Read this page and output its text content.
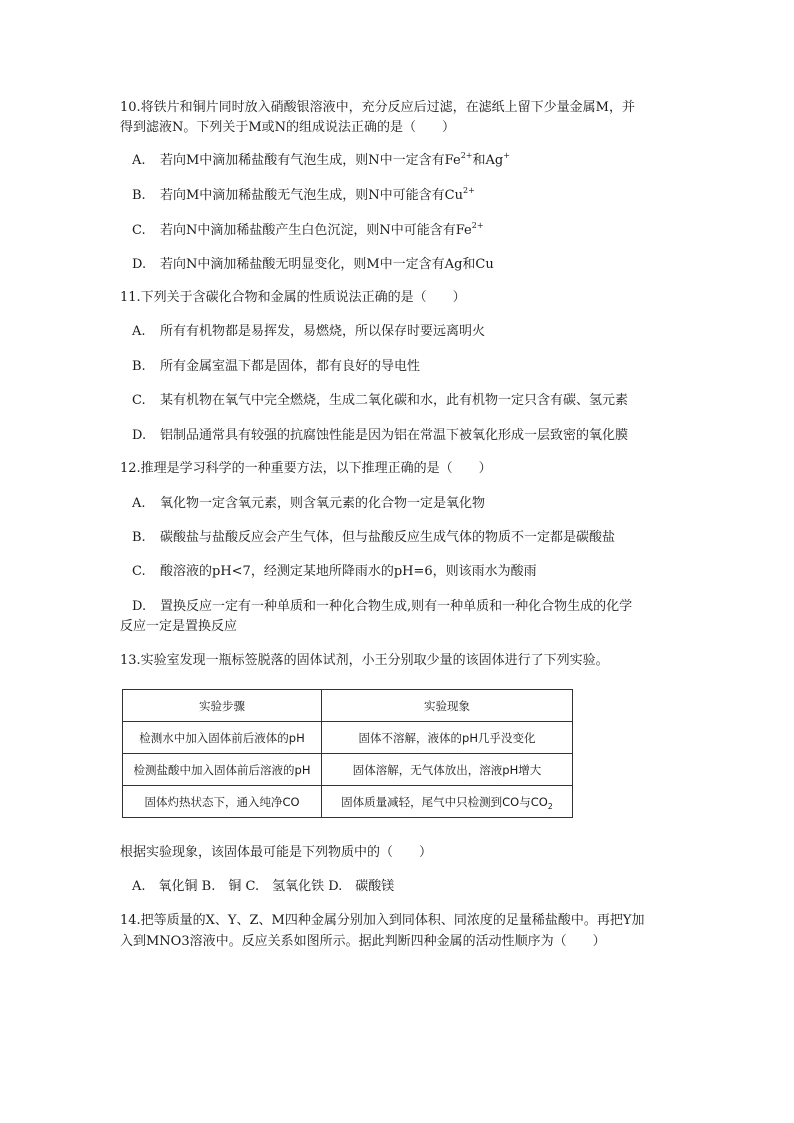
10.将铁片和铜片同时放入硝酸银溶液中，充分反应后过滤，在滤纸上留下少量金属M，并
得到滤液N。下列关于M或N的组成说法正确的是（　　）
A. 若向M中滴加稀盐酸有气泡生成，则N中一定含有$Fe^{2+}$和Ag+
B. 若向M中滴加稀盐酸无气泡生成，则N中可能含有$Cu^{2+}$
C. 若向N中滴加稀盐酸产生白色沉淀，则N中可能含有$Fe^{2+}$
D. 若向N中滴加稀盐酸无明显变化，则M中一定含有Ag和Cu
11.下列关于含碳化合物和金属的性质说法正确的是（　　）
A. 所有有机物都是易挥发，易燃烧，所以保存时要远离明火
B. 所有金属室温下都是固体，都有良好的导电性
C. 某有机物在氧气中完全燃烧，生成二氧化碳和水，此有机物一定只含有碳、氢元素
D. 铝制品通常具有较强的抗腐蚀性能是因为铝在常温下被氧化形成一层致密的氧化膜
12.推理是学习科学的一种重要方法，以下推理正确的是（　　）
A. 氧化物一定含氧元素，则含氧元素的化合物一定是氧化物
B. 碳酸盐与盐酸反应会产生气体，但与盐酸反应生成气体的物质不一定都是碳酸盐
C. 酸溶液的pH<7，经测定某地所降雨水的pH=6，则该雨水为酸雨
D. 置换反应一定有一种单质和一种化合物生成,则有一种单质和一种化合物生成的化学
反应一定是置换反应
13.实验室发现一瓶标签脱落的固体试剂，小王分别取少量的该固体进行了下列实验。
实验步骤	实验现象
检测水中加入固体前后液体的pH	固体不溶解，液体的pH几乎没变化
检测盐酸中加入固体前后溶液的pH	固体溶解，无气体放出，溶液pH增大
固体灼热状态下，通入纯净CO	固体质量减轻，尾气中只检测到CO与$CO_2$
根据实验现象，该固体最可能是下列物质中的（　　）
A.　氧化铜 B.　铜 C.　氢氧化铁 D.　碳酸镁
14.把等质量的X、Y、Z、M四种金属分别加入到同体积、同浓度的足量稀盐酸中。再把Y加
入到MNO3溶液中。反应关系如图所示。据此判断四种金属的活动性顺序为（　　）
